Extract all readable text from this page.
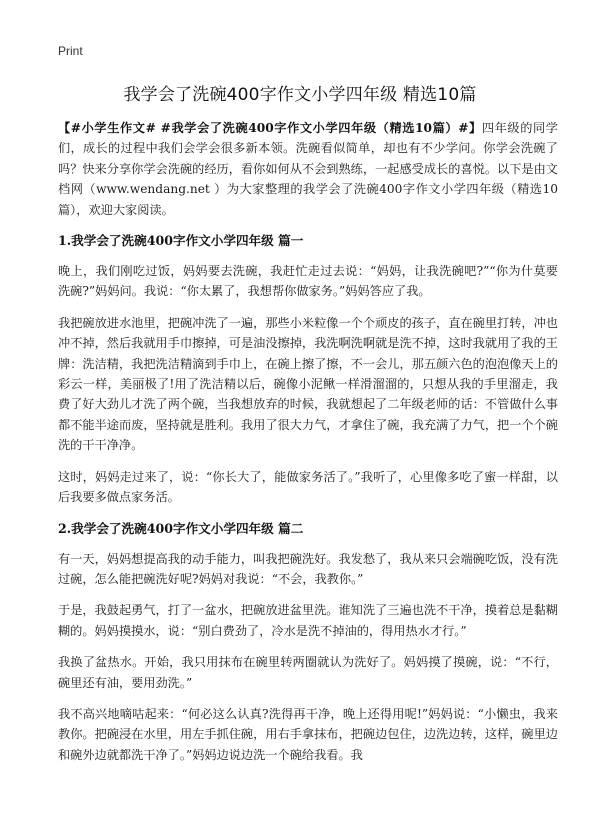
Print
我学会了洗碗400字作文小学四年级 精选10篇

【#小学生作文# #我学会了洗碗400字作文小学四年级（精选10篇）#】四年级的同学们，成长的过程中我们会学会很多新本领。洗碗看似简单，却也有不少学问。你学会洗碗了吗？快来分享你学会洗碗的经历，看你如何从不会到熟练，一起感受成长的喜悦。以下是由文档网（www.wendang.net ）为大家整理的我学会了洗碗400字作文小学四年级（精选10篇），欢迎大家阅读。

1.我学会了洗碗400字作文小学四年级 篇一

晚上，我们刚吃过饭，妈妈要去洗碗，我赶忙走过去说：“妈妈，让我洗碗吧?”“你为什莫要洗碗?”妈妈问。我说：“你太累了，我想帮你做家务。”妈妈答应了我。

我把碗放进水池里，把碗冲洗了一遍，那些小米粒像一个个顽皮的孩子，直在碗里打转，冲也冲不掉，然后我就用手巾擦掉，可是油没擦掉，我洗啊洗啊就是洗不掉，这时我就用了我的王牌：洗洁精，我把洗洁精滴到手巾上，在碗上擦了擦，不一会儿，那五颜六色的泡泡像天上的彩云一样，美丽极了!用了洗洁精以后，碗像小泥鳅一样滑溜溜的，只想从我的手里溜走，我费了好大劲儿才洗了两个碗，当我想放弃的时候，我就想起了二年级老师的话：不管做什么事都不能半途而废，坚持就是胜利。我用了很大力气，才拿住了碗，我充满了力气，把一个个碗洗的干干净净。

这时，妈妈走过来了，说：“你长大了，能做家务活了。”我听了，心里像多吃了蜜一样甜，以后我要多做点家务活。

2.我学会了洗碗400字作文小学四年级 篇二

有一天，妈妈想提高我的动手能力，叫我把碗洗好。我发愁了，我从来只会端碗吃饭，没有洗过碗，怎么能把碗洗好呢?妈妈对我说：“不会，我教你。”

于是，我鼓起勇气，打了一盆水，把碗放进盆里洗。谁知洗了三遍也洗不干净，摸着总是黏糊糊的。妈妈摸摸水，说：“别白费劲了，冷水是洗不掉油的，得用热水才行。”

我换了盆热水。开始，我只用抹布在碗里转两圈就认为洗好了。妈妈摸了摸碗，说：“不行，碗里还有油，要用劲洗。”

我不高兴地嘀咕起来：“何必这么认真?洗得再干净，晚上还得用呢!”妈妈说：“小懒虫，我来教你。把碗浸在水里，用左手抓住碗，用右手拿抹布，把碗边包住，边洗边转，这样，碗里边和碗外边就都洗干净了。”妈妈边说边洗一个碗给我看。我
